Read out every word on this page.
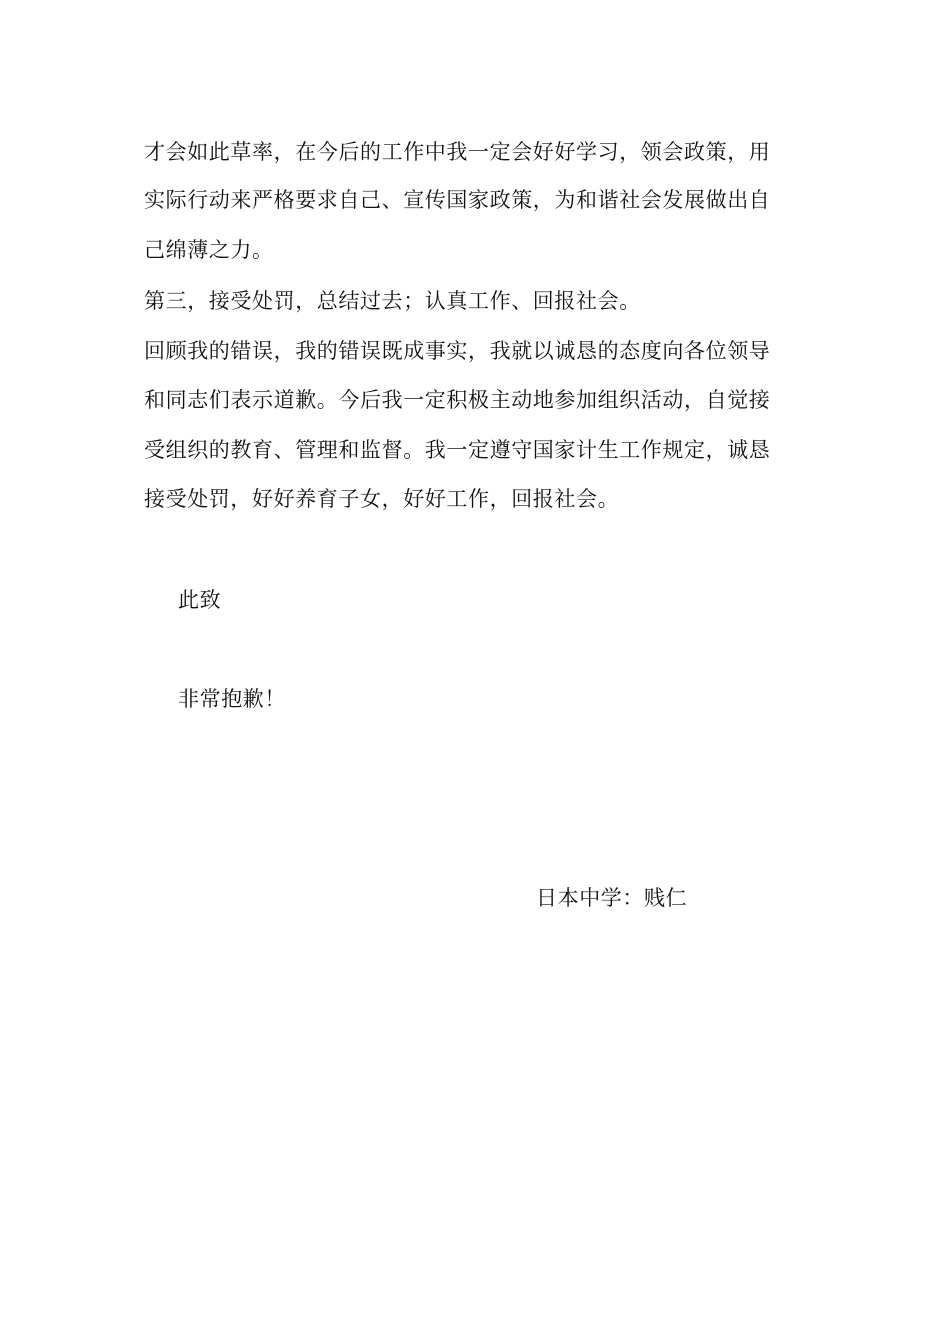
才会如此草率，在今后的工作中我一定会好好学习，领会政策，用
实际行动来严格要求自己、宣传国家政策，为和谐社会发展做出自
己绵薄之力。
第三，接受处罚，总结过去；认真工作、回报社会。
回顾我的错误，我的错误既成事实，我就以诚恳的态度向各位领导
和同志们表示道歉。今后我一定积极主动地参加组织活动，自觉接
受组织的教育、管理和监督。我一定遵守国家计生工作规定，诚恳
接受处罚，好好养育子女，好好工作，回报社会。
此致
非常抱歉！
日本中学：贱仁
